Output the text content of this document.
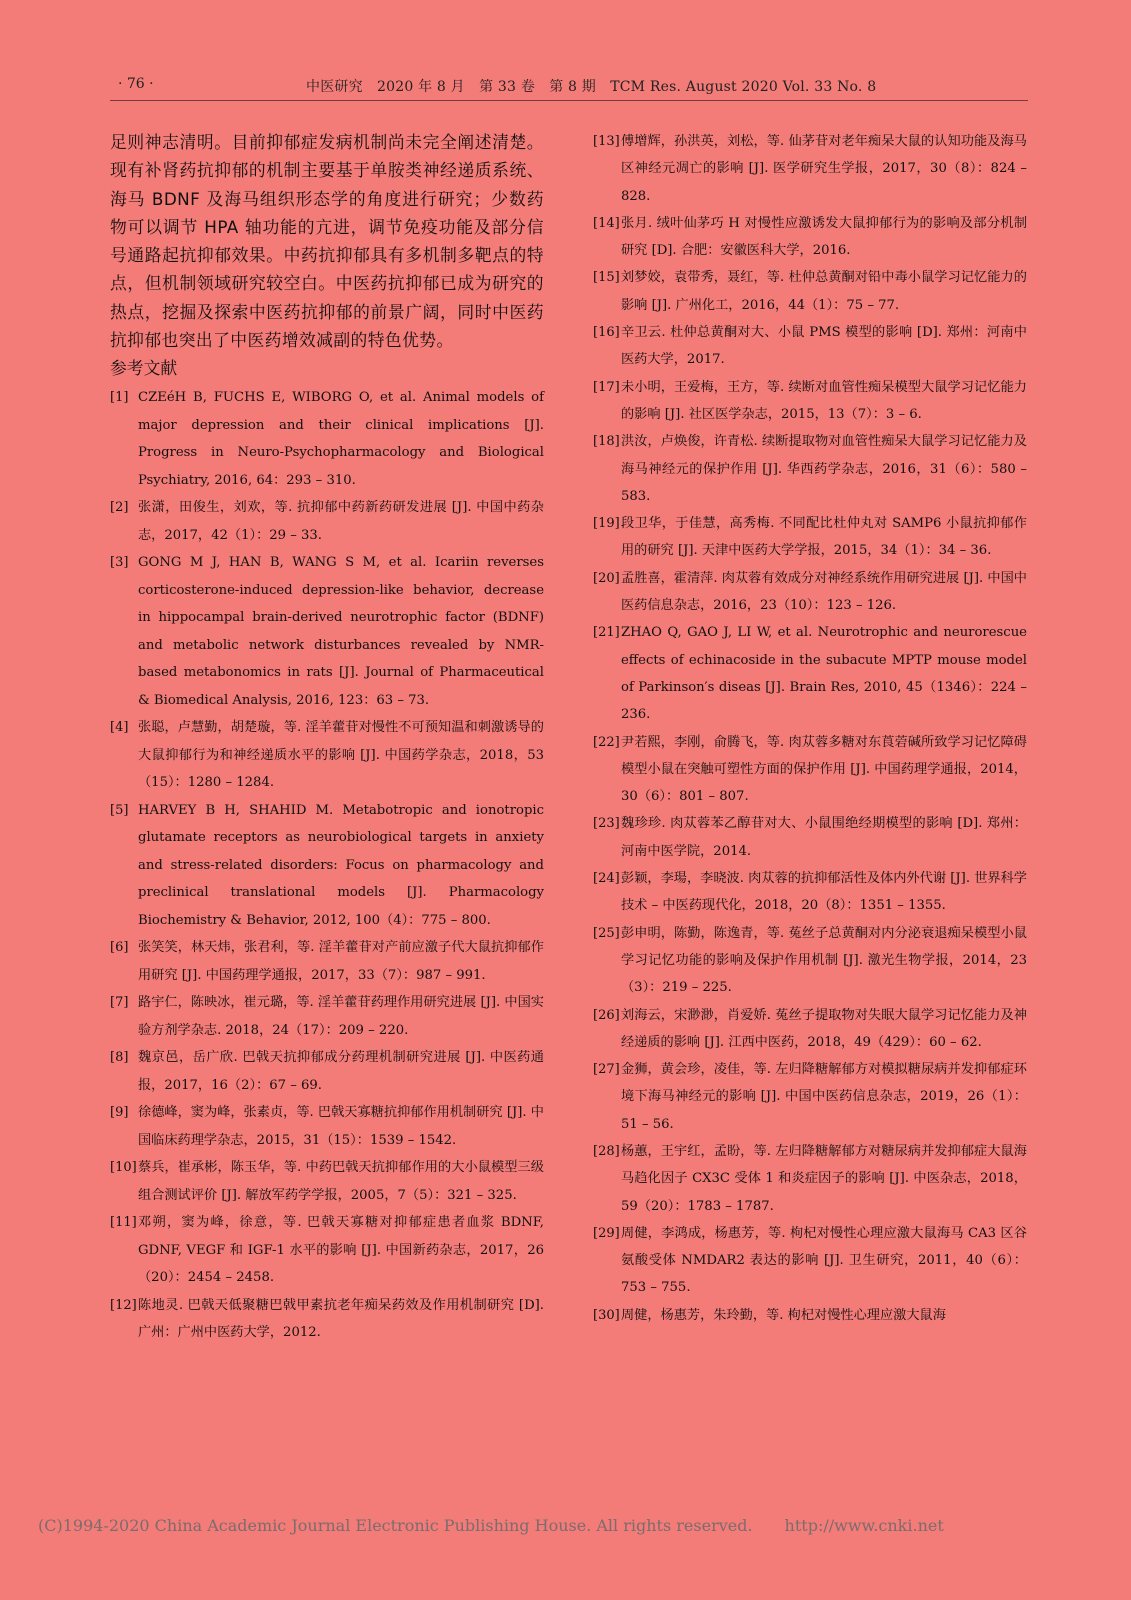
· 76 ·	中医研究　2020 年 8 月　第 33 卷　第 8 期　TCM Res. August 2020 Vol. 33 No. 8

足则神志清明。目前抑郁症发病机制尚未完全阐述清楚。现有补肾药抗抑郁的机制主要基于单胺类神经递质系统、海马 BDNF 及海马组织形态学的角度进行研究；少数药物可以调节 HPA 轴功能的亢进，调节免疫功能及部分信号通路起抗抑郁效果。中药抗抑郁具有多机制多靶点的特点，但机制领域研究较空白。中医药抗抑郁已成为研究的热点，挖掘及探索中医药抗抑郁的前景广阔，同时中医药抗抑郁也突出了中医药增效减副的特色优势。

参考文献

[1] CZEéH B, FUCHS E, WIBORG O, et al. Animal models of major depression and their clinical implications [J]. Progress in Neuro-Psychopharmacology and Biological Psychiatry, 2016, 64：293 – 310.
[2] 张潇，田俊生，刘欢，等. 抗抑郁中药新药研发进展 [J]. 中国中药杂志，2017，42（1）：29 – 33.
[3] GONG M J, HAN B, WANG S M, et al. Icariin reverses corticosterone-induced depression-like behavior, decrease in hippocampal brain-derived neurotrophic factor (BDNF) and metabolic network disturbances revealed by NMR-based metabonomics in rats [J]. Journal of Pharmaceutical & Biomedical Analysis, 2016, 123：63 – 73.
[4] 张聪，卢慧勤，胡楚璇，等. 淫羊藿苷对慢性不可预知温和刺激诱导的大鼠抑郁行为和神经递质水平的影响 [J]. 中国药学杂志，2018，53（15）：1280 – 1284.
[5] HARVEY B H, SHAHID M. Metabotropic and ionotropic glutamate receptors as neurobiological targets in anxiety and stress-related disorders: Focus on pharmacology and preclinical translational models [J]. Pharmacology Biochemistry & Behavior, 2012, 100（4）：775 – 800.
[6] 张笑笑，林天炜，张君利，等. 淫羊藿苷对产前应激子代大鼠抗抑郁作用研究 [J]. 中国药理学通报，2017，33（7）：987 – 991.
[7] 路宇仁，陈映冰，崔元璐，等. 淫羊藿苷药理作用研究进展 [J]. 中国实验方剂学杂志. 2018，24（17）：209 – 220.
[8] 魏京邑，岳广欣. 巴戟天抗抑郁成分药理机制研究进展 [J]. 中医药通报，2017，16（2）：67 – 69.
[9] 徐德峰，窦为峰，张素贞，等. 巴戟天寡糖抗抑郁作用机制研究 [J]. 中国临床药理学杂志，2015，31（15）：1539 – 1542.
[10] 蔡兵，崔承彬，陈玉华，等. 中药巴戟天抗抑郁作用的大小鼠模型三级组合测试评价 [J]. 解放军药学学报，2005，7（5）：321 – 325.
[11] 邓朔，窦为峰，徐意，等. 巴戟天寡糖对抑郁症患者血浆 BDNF, GDNF, VEGF 和 IGF-1 水平的影响 [J]. 中国新药杂志，2017，26（20）：2454 – 2458.
[12] 陈地灵. 巴戟天低聚糖巴戟甲素抗老年痴呆药效及作用机制研究 [D]. 广州：广州中医药大学，2012.
[13] 傅增辉，孙洪英，刘松，等. 仙茅苷对老年痴呆大鼠的认知功能及海马区神经元凋亡的影响 [J]. 医学研究生学报，2017，30（8）：824 – 828.
[14] 张月. 绒叶仙茅巧 H 对慢性应激诱发大鼠抑郁行为的影响及部分机制研究 [D]. 合肥：安徽医科大学，2016.
[15] 刘梦姣，袁带秀，聂红，等. 杜仲总黄酮对铅中毒小鼠学习记忆能力的影响 [J]. 广州化工，2016，44（1）：75 – 77.
[16] 辛卫云. 杜仲总黄酮对大、小鼠 PMS 模型的影响 [D]. 郑州：河南中医药大学，2017.
[17] 未小明，王爱梅，王方，等. 续断对血管性痴呆模型大鼠学习记忆能力的影响 [J]. 社区医学杂志，2015，13（7）：3 – 6.
[18] 洪汝，卢焕俊，许青松. 续断提取物对血管性痴呆大鼠学习记忆能力及海马神经元的保护作用 [J]. 华西药学杂志，2016，31（6）：580 – 583.
[19] 段卫华，于佳慧，高秀梅. 不同配比杜仲丸对 SAMP6 小鼠抗抑郁作用的研究 [J]. 天津中医药大学学报，2015，34（1）：34 – 36.
[20] 孟胜喜，霍清萍. 肉苁蓉有效成分对神经系统作用研究进展 [J]. 中国中医药信息杂志，2016，23（10）：123 – 126.
[21] ZHAO Q, GAO J, LI W, et al. Neurotrophic and neurorescue effects of echinacoside in the subacute MPTP mouse model of Parkinson′s diseas [J]. Brain Res, 2010, 45（1346）：224 – 236.
[22] 尹若熙，李刚，俞腾飞，等. 肉苁蓉多糖对东莨菪碱所致学习记忆障碍模型小鼠在突触可塑性方面的保护作用 [J]. 中国药理学通报，2014，30（6）：801 – 807.
[23] 魏珍珍. 肉苁蓉苯乙醇苷对大、小鼠围绝经期模型的影响 [D]. 郑州：河南中医学院，2014.
[24] 彭颖，李瑒，李晓波. 肉苁蓉的抗抑郁活性及体内外代谢 [J]. 世界科学技术 – 中医药现代化，2018，20（8）：1351 – 1355.
[25] 彭申明，陈勤，陈逸青，等. 菟丝子总黄酮对内分泌衰退痴呆模型小鼠学习记忆功能的影响及保护作用机制 [J]. 激光生物学报，2014，23（3）：219 – 225.
[26] 刘海云，宋渺渺，肖爱娇. 菟丝子提取物对失眠大鼠学习记忆能力及神经递质的影响 [J]. 江西中医药，2018，49（429）：60 – 62.
[27] 金狮，黄会珍，凌佳，等. 左归降糖解郁方对模拟糖尿病并发抑郁症环境下海马神经元的影响 [J]. 中国中医药信息杂志，2019，26（1）：51 – 56.
[28] 杨蕙，王宇红，孟盼，等. 左归降糖解郁方对糖尿病并发抑郁症大鼠海马趋化因子 CX3C 受体 1 和炎症因子的影响 [J]. 中医杂志，2018，59（20）：1783 – 1787.
[29] 周健，李鸿成，杨惠芳，等. 枸杞对慢性心理应激大鼠海马 CA3 区谷氨酸受体 NMDAR2 表达的影响 [J]. 卫生研究，2011，40（6）：753 – 755.
[30] 周健，杨惠芳，朱玲勤，等. 枸杞对慢性心理应激大鼠海
(C)1994-2020 China Academic Journal Electronic Publishing House. All rights reserved.　　http://www.cnki.net
